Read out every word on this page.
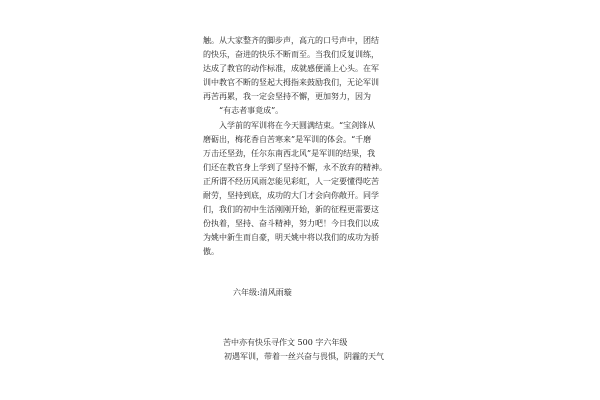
触。从大家整齐的脚步声，高亢的口号声中，团结
的快乐，奋进的快乐不断而至。当我们反复训练，
达成了教官的动作标准，成就感便涌上心头。在军
训中教官不断的竖起大拇指来鼓励我们，无论军训
再苦再累，我一定会坚持不懈，更加努力，因为
“有志者事竟成”。

入学前的军训将在今天圆满结束。“宝剑锋从
磨砺出，梅花香自苦寒来”是军训的体会。“千磨
万击还坚劲，任尔东南西北风”是军训的结果，我
们还在教官身上学到了坚持不懈，永不放弃的精神。
正所谓不经历风雨怎能见彩虹，人一定要懂得吃苦
耐劳，坚持到底，成功的大门才会向你敞开。同学
们，我们的初中生活刚刚开始，新的征程更需要这
份执着，坚持、奋斗精神，努力吧！今日我们以成
为姚中新生而自豪，明天姚中将以我们的成功为骄
傲。

六年级:清风雨璇
苦中亦有快乐寻作文 500 字六年级
初遇军训，带着一丝兴奋与畏惧，阴霾的天气
